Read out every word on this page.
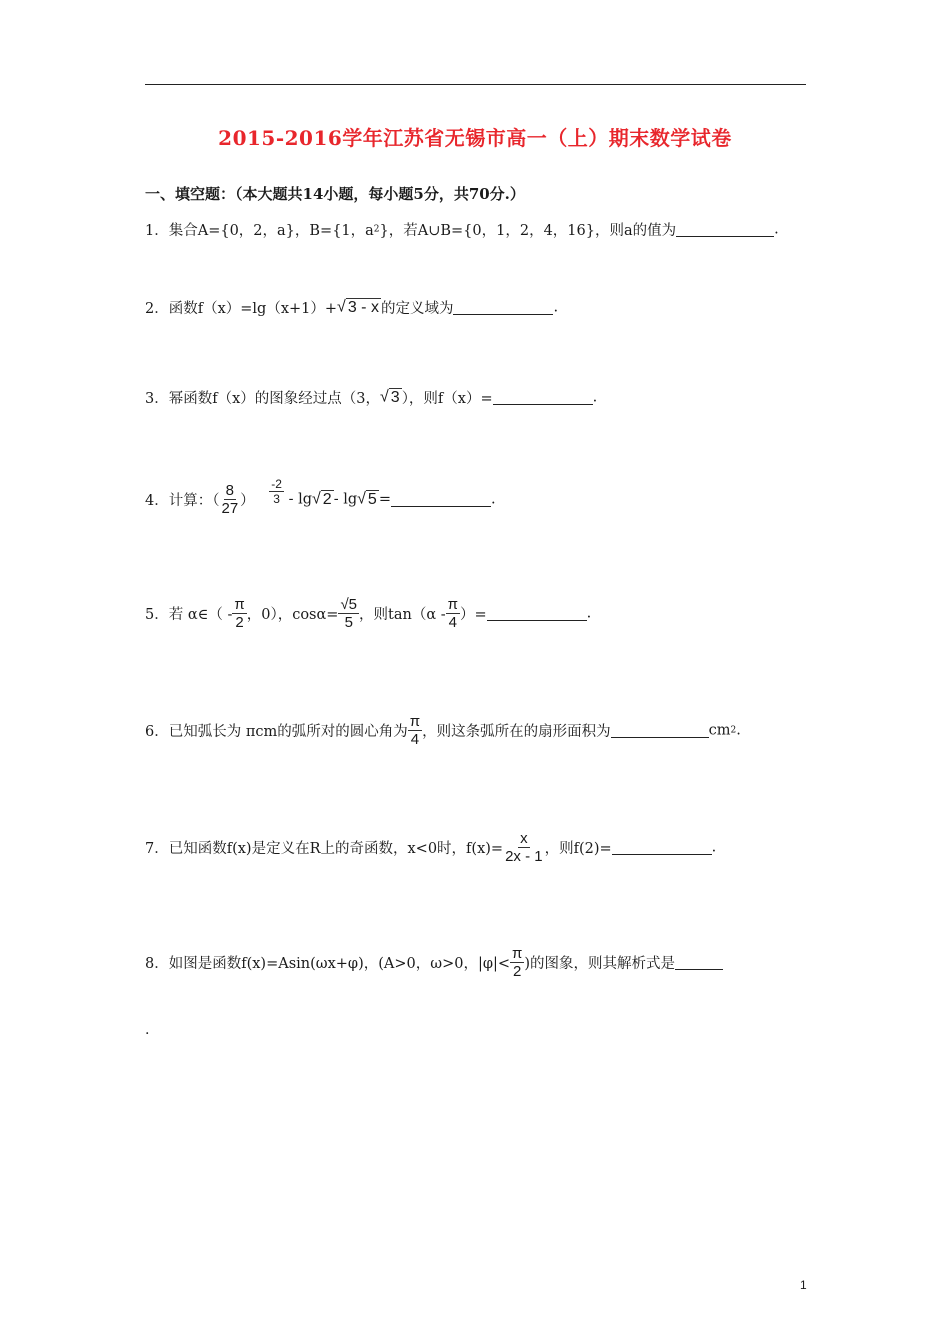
2015-2016学年江苏省无锡市高一（上）期末数学试卷
一、填空题：（本大题共14小题，每小题5分，共70分.）
1．集合A={0，2，a}，B={1，a2}，若A∪B={0，1，2，4，16}，则a的值为	.
2．函数f（x）=lg（x+1）+√ 3 - x 的定义域为	.
3．幂函数f（x）的图象经过点（3，√ 3 ），则f（x）=	.
4．计算：（ $\frac{8}{27}$ ） $\frac{-2}{3} - \lg√$ 2 - lg√ 5 =	.
5．若 α∈（ - $\frac{\pi}{2}$ ，0），$\cos\alpha= \frac{√5}{5}$ ，则$\tan(\alpha - \frac{\pi}{4}$ ）=	.
6．已知弧长为 πcm的弧所对的圆心角为 $\frac{\pi}{4}$ ，则这条弧所在的扇形面积为	cm2.
7．已知函数f(x)是定义在R上的奇函数，x<0时，$f(x)= \frac{x}{2x - 1}$ ，则f(2)=	.
8．如图是函数f(x)=Asin(ωx+φ)，(A>0，ω>0，$|\varphi|< \frac{\pi}{2}$ )的图象，则其解析式是
.
1
